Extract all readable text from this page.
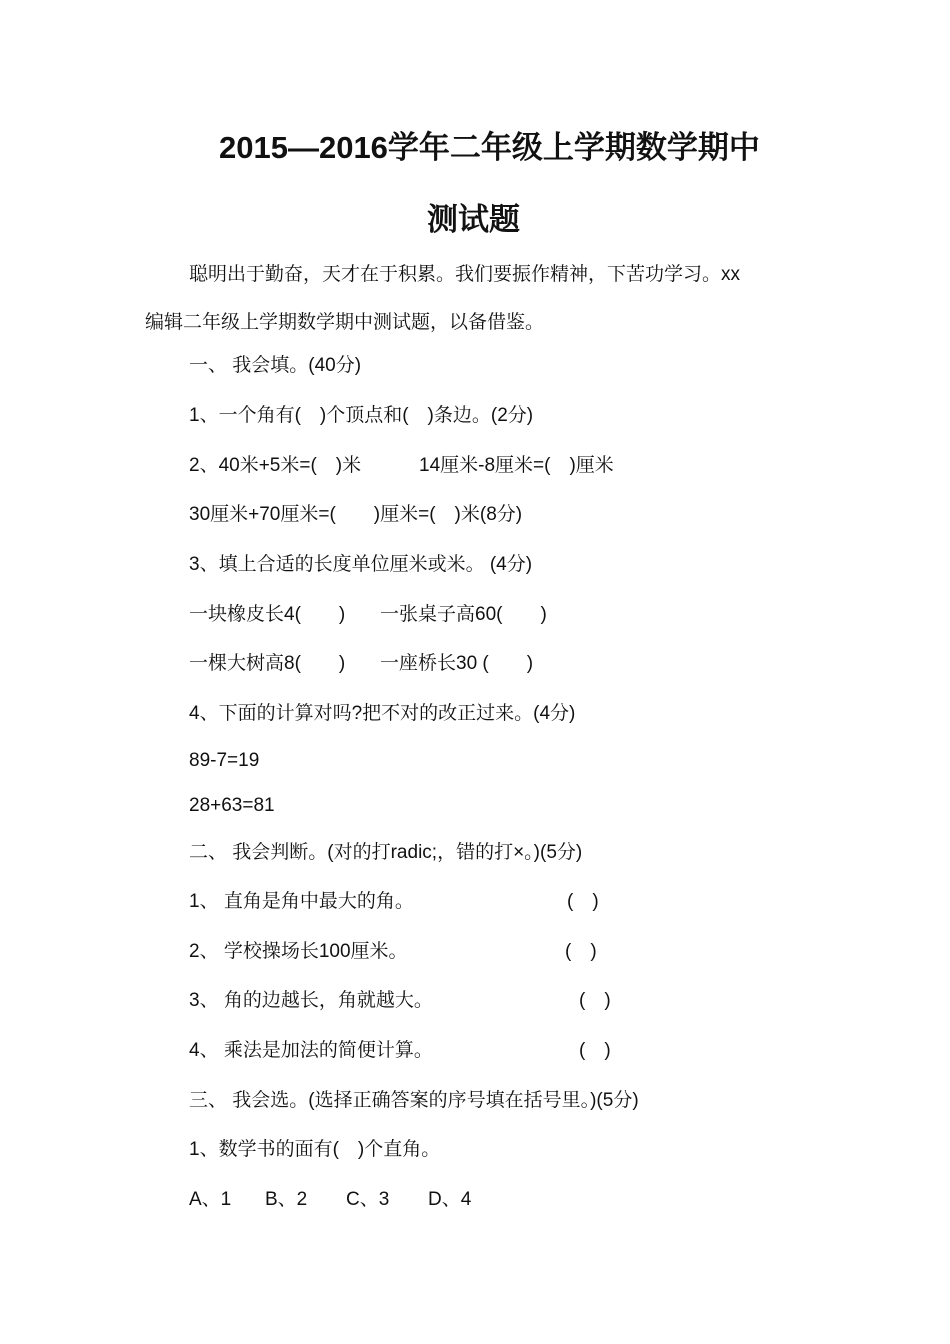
2015—2016学年二年级上学期数学期中
测试题
聪明出于勤奋，天才在于积累。我们要振作精神，下苦功学习。xx
编辑二年级上学期数学期中测试题，以备借鉴。
一、 我会填。(40分)
1、一个角有(　)个顶点和(　)条边。(2分)
2、40米+5米=(　)米	14厘米-8厘米=(　)厘米
30厘米+70厘米=(　　)厘米=(　)米(8分)
3、填上合适的长度单位厘米或米。 (4分)
一块橡皮长4(　　) 一张桌子高60(　　)
一棵大树高8(　　) 一座桥长30 (　　)
4、下面的计算对吗?把不对的改正过来。(4分)
89-7=19
28+63=81
二、 我会判断。(对的打radic;，错的打×。)(5分)
1、 直角是角中最大的角。	(　)
2、 学校操场长100厘米。	(　)
3、 角的边越长，角就越大。	(　)
4、 乘法是加法的简便计算。	(　)
三、 我会选。(选择正确答案的序号填在括号里。)(5分)
1、数学书的面有(　)个直角。
A、1 B、2 C、3 D、4
